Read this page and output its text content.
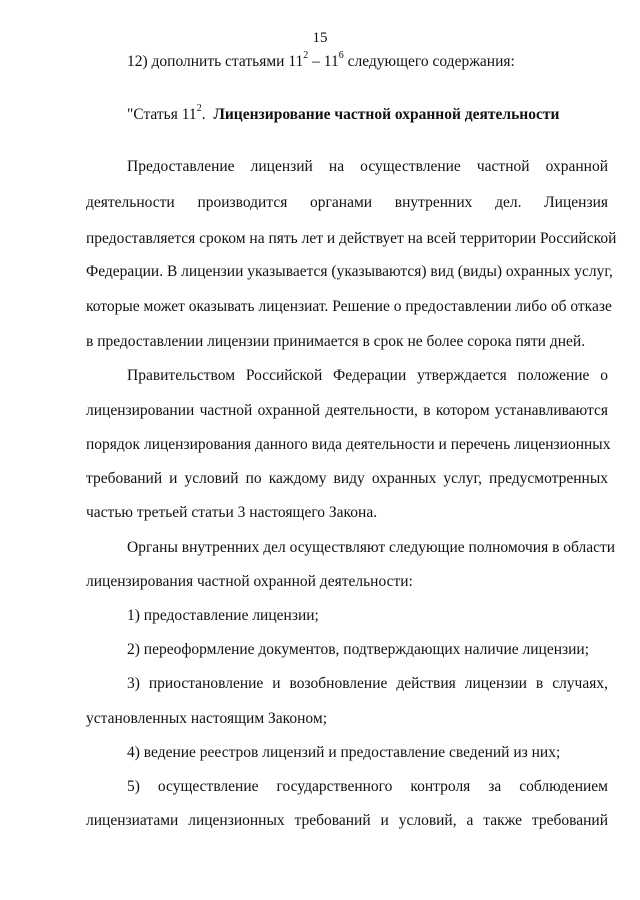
15
12) дополнить статьями $11^2 - 11^6$ следующего содержания:
"Статья $11^2$. Лицензирование частной охранной деятельности
Предоставление лицензий на осуществление частной охранной
деятельности производится органами внутренних дел. Лицензия
предоставляется сроком на пять лет и действует на всей территории Российской
Федерации. В лицензии указывается (указываются) вид (виды) охранных услуг,
которые может оказывать лицензиат. Решение о предоставлении либо об отказе
в предоставлении лицензии принимается в срок не более сорока пяти дней.
Правительством Российской Федерации утверждается положение о
лицензировании частной охранной деятельности, в котором устанавливаются
порядок лицензирования данного вида деятельности и перечень лицензионных
требований и условий по каждому виду охранных услуг, предусмотренных
частью третьей статьи 3 настоящего Закона.
Органы внутренних дел осуществляют следующие полномочия в области
лицензирования частной охранной деятельности:
1) предоставление лицензии;
2) переоформление документов, подтверждающих наличие лицензии;
3) приостановление и возобновление действия лицензии в случаях,
установленных настоящим Законом;
4) ведение реестров лицензий и предоставление сведений из них;
5) осуществление государственного контроля за соблюдением
лицензиатами лицензионных требований и условий, а также требований
